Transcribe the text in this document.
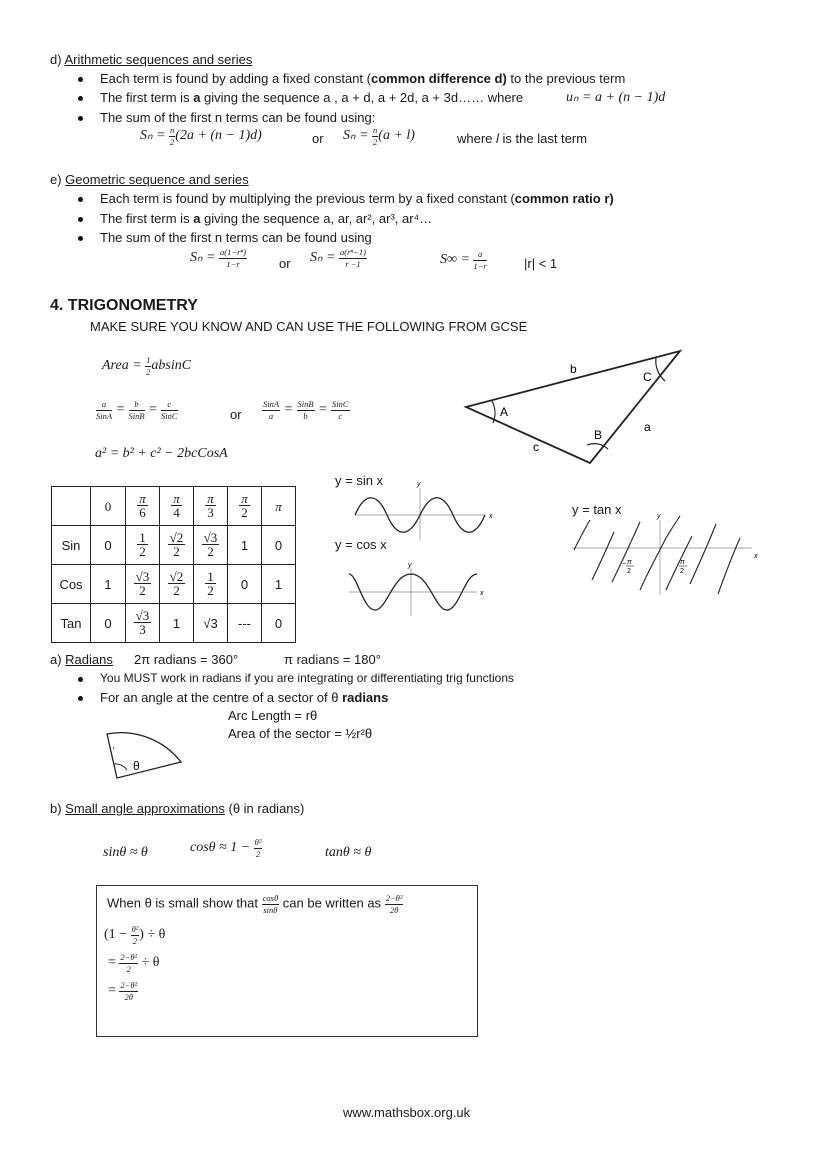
d) Arithmetic sequences and series
Each term is found by adding a fixed constant (common difference d) to the previous term
The first term is a giving the sequence a , a + d, a + 2d, a + 3d…… where	uₙ = a + (n − 1)d
The sum of the first n terms can be found using:
$S_n = \frac{n}{2} (2a + (n - 1)d)$	or $S_n = \frac{n}{2} (a + l)$	where l is the last term
e) Geometric sequence and series
Each term is found by multiplying the previous term by a fixed constant (common ratio r)
The first term is a giving the sequence a, ar, ar², ar³, ar⁴…
The sum of the first n terms can be found using
$S_n = \frac{\text{a(1−rⁿ)}}{1-r}$ or $S_n = \frac{\text{a(rⁿ−1)}}{r -1}$	$S\infty = \frac{a}{1-r}$	|r| < 1
4. TRIGONOMETRY
MAKE SURE YOU KNOW AND CAN USE THE FOLLOWING FROM GCSE
Area = $\frac{1}{2}$ absinC
$\frac{a}{\text{SinA}} = \frac{b}{\text{SinB}} = \frac{c}{\text{SinC}}$	or $\frac{\text{SinA}}{a} = \frac{\text{SinB}}{b} = \frac{\text{SinC}}{c}$
a² = b² + c² − 2bcCosA
A
B
C
a
b
c
	0	$\frac{\pi}{6}$	$\frac{\pi}{4}$	$\frac{\pi}{3}$	$\frac{\pi}{2}$	π
Sin	0	$\frac{1}{2}$	$\frac{√2}{2}$	$\frac{√3}{2}$	1	0
Cos	1	$\frac{√3}{2}$	$\frac{√2}{2}$	$\frac{1}{2}$	0	1
Tan	0	$\frac{√3}{3}$	1	√3	---	0
y = sin x
y = cos x
y = tan x
y
x
y
x
y
x
− π
2
π
2
a) Radians 2π radians = 360°	π radians = 180°
You MUST work in radians if you are integrating or differentiating trig functions
For an angle at the centre of a sector of θ radians
Arc Length = rθ
Area of the sector = ½r²θ
θ
r
b) Small angle approximations (θ in radians)
sinθ ≈ θ	$\cos\theta \approx 1 - \frac{\text{θ²}}{2}$	tanθ ≈ θ
When θ is small show that $\frac{\cos\theta}{\sin\theta}$ can be written as $\frac{\text{2−θ²}}{2\theta}$
($1 - \frac{\text{θ²}}{2}$ ) ÷ θ
= $\frac{\text{2−θ²}}{2} \div \theta$
= $\frac{\text{2−θ²}}{2\theta}$
www.mathsbox.org.uk
